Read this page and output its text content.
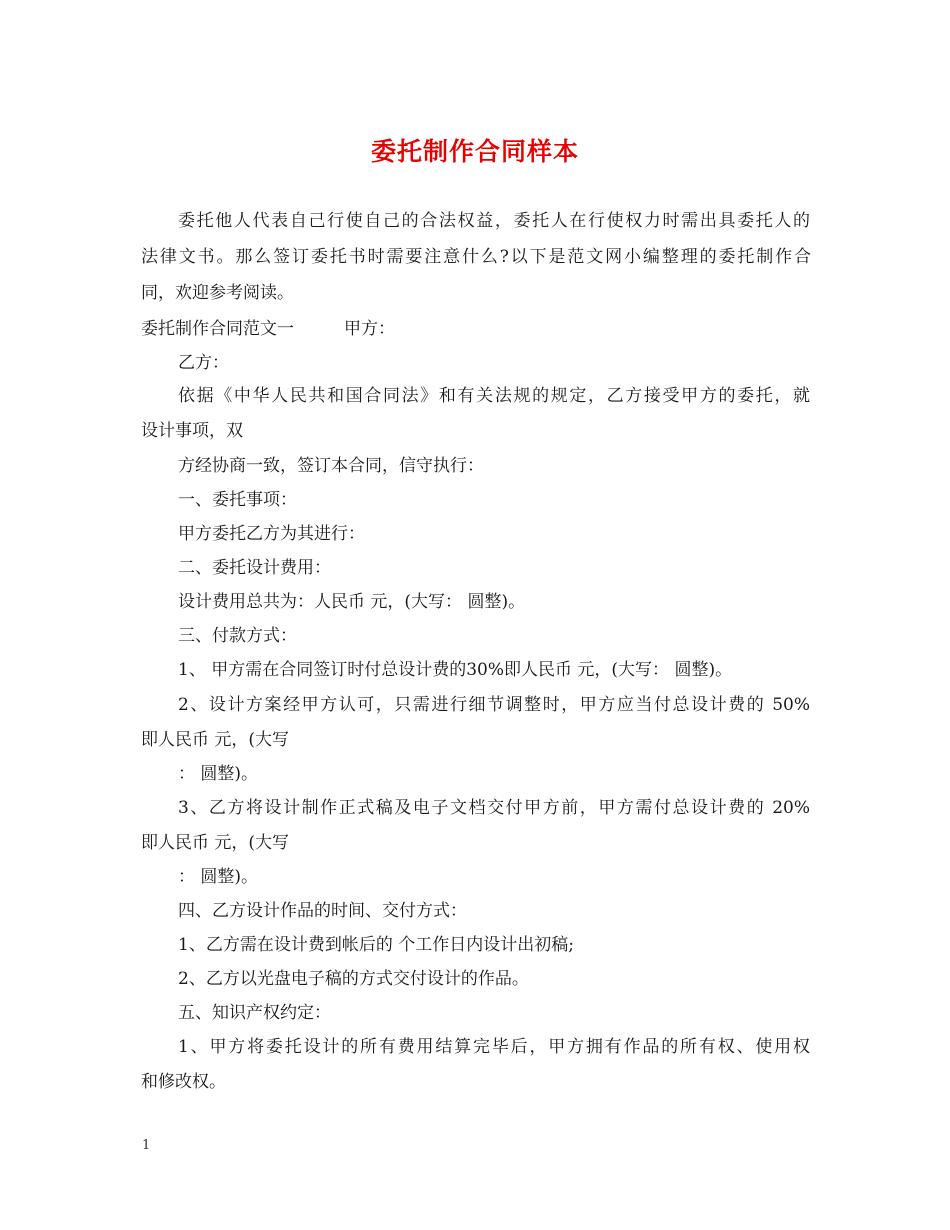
委托制作合同样本
委托他人代表自己行使自己的合法权益，委托人在行使权力时需出具委托人的
法律文书。那么签订委托书时需要注意什么?以下是范文网小编整理的委托制作合
同，欢迎参考阅读。
委托制作合同范文一	甲方：
乙方：
依据《中华人民共和国合同法》和有关法规的规定，乙方接受甲方的委托，就
设计事项，双
方经协商一致，签订本合同，信守执行：
一、委托事项：
甲方委托乙方为其进行：
二、委托设计费用：
设计费用总共为：人民币 元，(大写： 圆整)。
三、付款方式：
1、 甲方需在合同签订时付总设计费的30%即人民币 元，(大写： 圆整)。
2、设计方案经甲方认可，只需进行细节调整时，甲方应当付总设计费的 50%
即人民币 元，(大写
： 圆整)。
3、乙方将设计制作正式稿及电子文档交付甲方前，甲方需付总设计费的 20%
即人民币 元，(大写
： 圆整)。
四、乙方设计作品的时间、交付方式：
1、乙方需在设计费到帐后的 个工作日内设计出初稿;
2、乙方以光盘电子稿的方式交付设计的作品。
五、知识产权约定：
1、甲方将委托设计的所有费用结算完毕后，甲方拥有作品的所有权、使用权
和修改权。
1
